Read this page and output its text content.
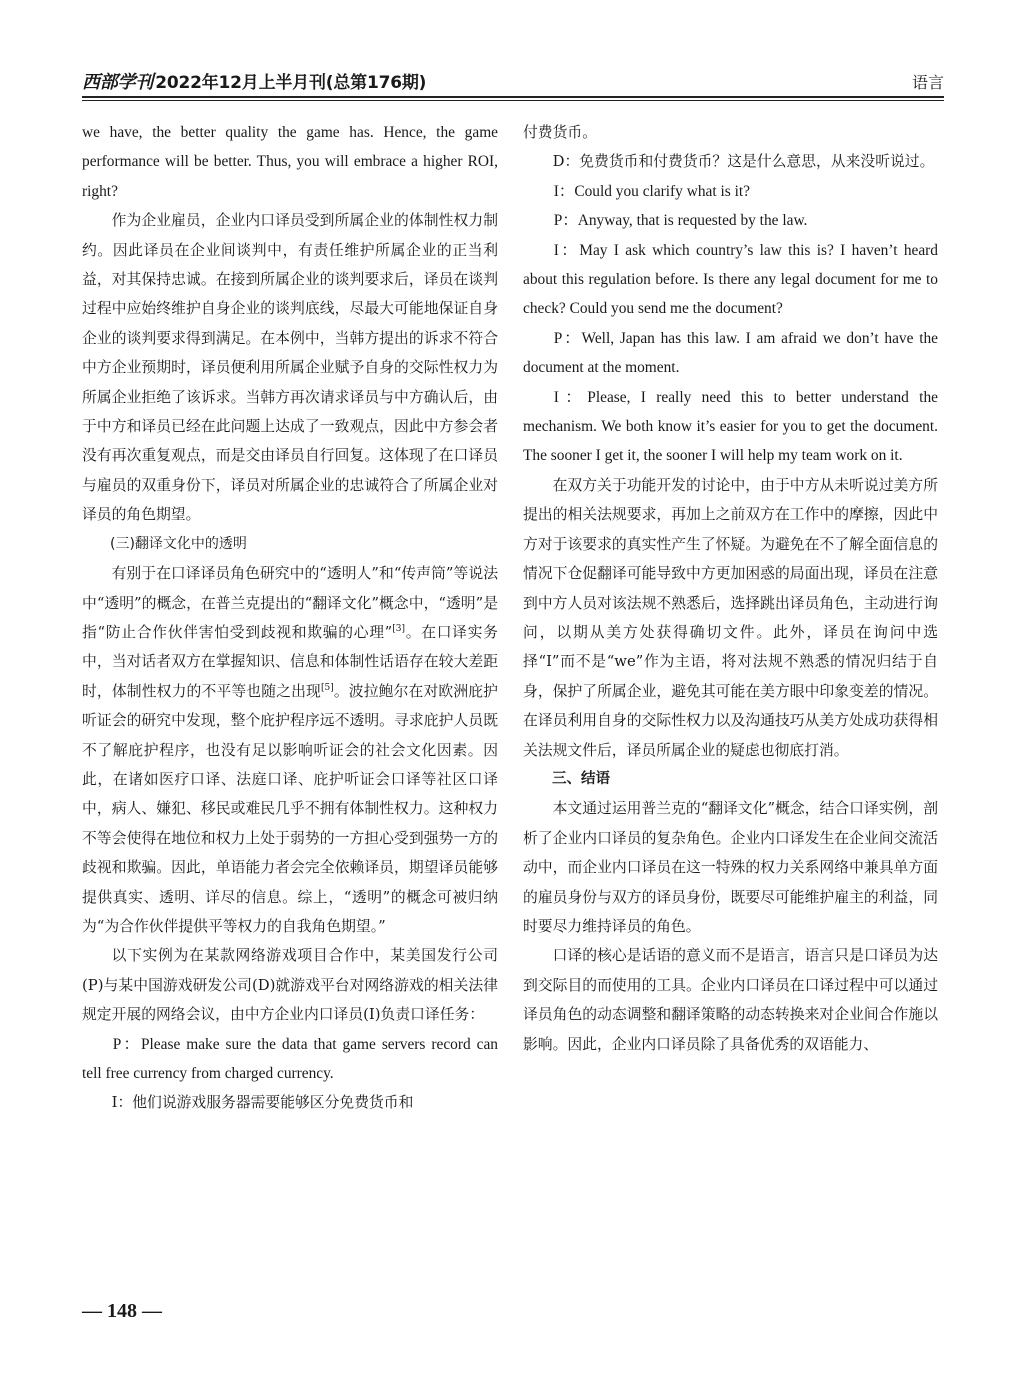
西部学刊 2022年12月上半月刊(总第176期)	语言

we have, the better quality the game has. Hence, the game performance will be better. Thus, you will embrace a higher ROI, right?

作为企业雇员，企业内口译员受到所属企业的体制性权力制约。因此译员在企业间谈判中，有责任维护所属企业的正当利益，对其保持忠诚。在接到所属企业的谈判要求后，译员在谈判过程中应始终维护自身企业的谈判底线，尽最大可能地保证自身企业的谈判要求得到满足。在本例中，当韩方提出的诉求不符合中方企业预期时，译员便利用所属企业赋予自身的交际性权力为所属企业拒绝了该诉求。当韩方再次请求译员与中方确认后，由于中方和译员已经在此问题上达成了一致观点，因此中方参会者没有再次重复观点，而是交由译员自行回复。这体现了在口译员与雇员的双重身份下，译员对所属企业的忠诚符合了所属企业对译员的角色期望。

(三)翻译文化中的透明

有别于在口译译员角色研究中的“透明人”和“传声筒”等说法中“透明”的概念，在普兰克提出的“翻译文化”概念中，“透明”是指“防止合作伙伴害怕受到歧视和欺骗的心理”[3]。在口译实务中，当对话者双方在掌握知识、信息和体制性话语存在较大差距时，体制性权力的不平等也随之出现[5]。波拉鲍尔在对欧洲庇护听证会的研究中发现，整个庇护程序远不透明。寻求庇护人员既不了解庇护程序，也没有足以影响听证会的社会文化因素。因此，在诸如医疗口译、法庭口译、庇护听证会口译等社区口译中，病人、嫌犯、移民或难民几乎不拥有体制性权力。这种权力不等会使得在地位和权力上处于弱势的一方担心受到强势一方的歧视和欺骗。因此，单语能力者会完全依赖译员，期望译员能够提供真实、透明、详尽的信息。综上，“透明”的概念可被归纳为“为合作伙伴提供平等权力的自我角色期望。”

以下实例为在某款网络游戏项目合作中，某美国发行公司(P)与某中国游戏研发公司(D)就游戏平台对网络游戏的相关法律规定开展的网络会议，由中方企业内口译员(I)负责口译任务：

P：Please make sure the data that game servers record can tell free currency from charged currency.

I：他们说游戏服务器需要能够区分免费货币和

付费货币。

D：免费货币和付费货币？这是什么意思，从来没听说过。

I：Could you clarify what is it?

P：Anyway, that is requested by the law.

I：May I ask which country’s law this is? I haven’t heard about this regulation before. Is there any legal document for me to check? Could you send me the document?

P：Well, Japan has this law. I am afraid we don’t have the document at the moment.

I：Please, I really need this to better understand the mechanism. We both know it’s easier for you to get the document. The sooner I get it, the sooner I will help my team work on it.

在双方关于功能开发的讨论中，由于中方从未听说过美方所提出的相关法规要求，再加上之前双方在工作中的摩擦，因此中方对于该要求的真实性产生了怀疑。为避免在不了解全面信息的情况下仓促翻译可能导致中方更加困惑的局面出现，译员在注意到中方人员对该法规不熟悉后，选择跳出译员角色，主动进行询问，以期从美方处获得确切文件。此外，译员在询问中选择“I”而不是“we”作为主语，将对法规不熟悉的情况归结于自身，保护了所属企业，避免其可能在美方眼中印象变差的情况。在译员利用自身的交际性权力以及沟通技巧从美方处成功获得相关法规文件后，译员所属企业的疑虑也彻底打消。

三、结语

本文通过运用普兰克的“翻译文化”概念，结合口译实例，剖析了企业内口译员的复杂角色。企业内口译发生在企业间交流活动中，而企业内口译员在这一特殊的权力关系网络中兼具单方面的雇员身份与双方的译员身份，既要尽可能维护雇主的利益，同时要尽力维持译员的角色。

口译的核心是话语的意义而不是语言，语言只是口译员为达到交际目的而使用的工具。企业内口译员在口译过程中可以通过译员角色的动态调整和翻译策略的动态转换来对企业间合作施以影响。因此，企业内口译员除了具备优秀的双语能力、

— 148 —
